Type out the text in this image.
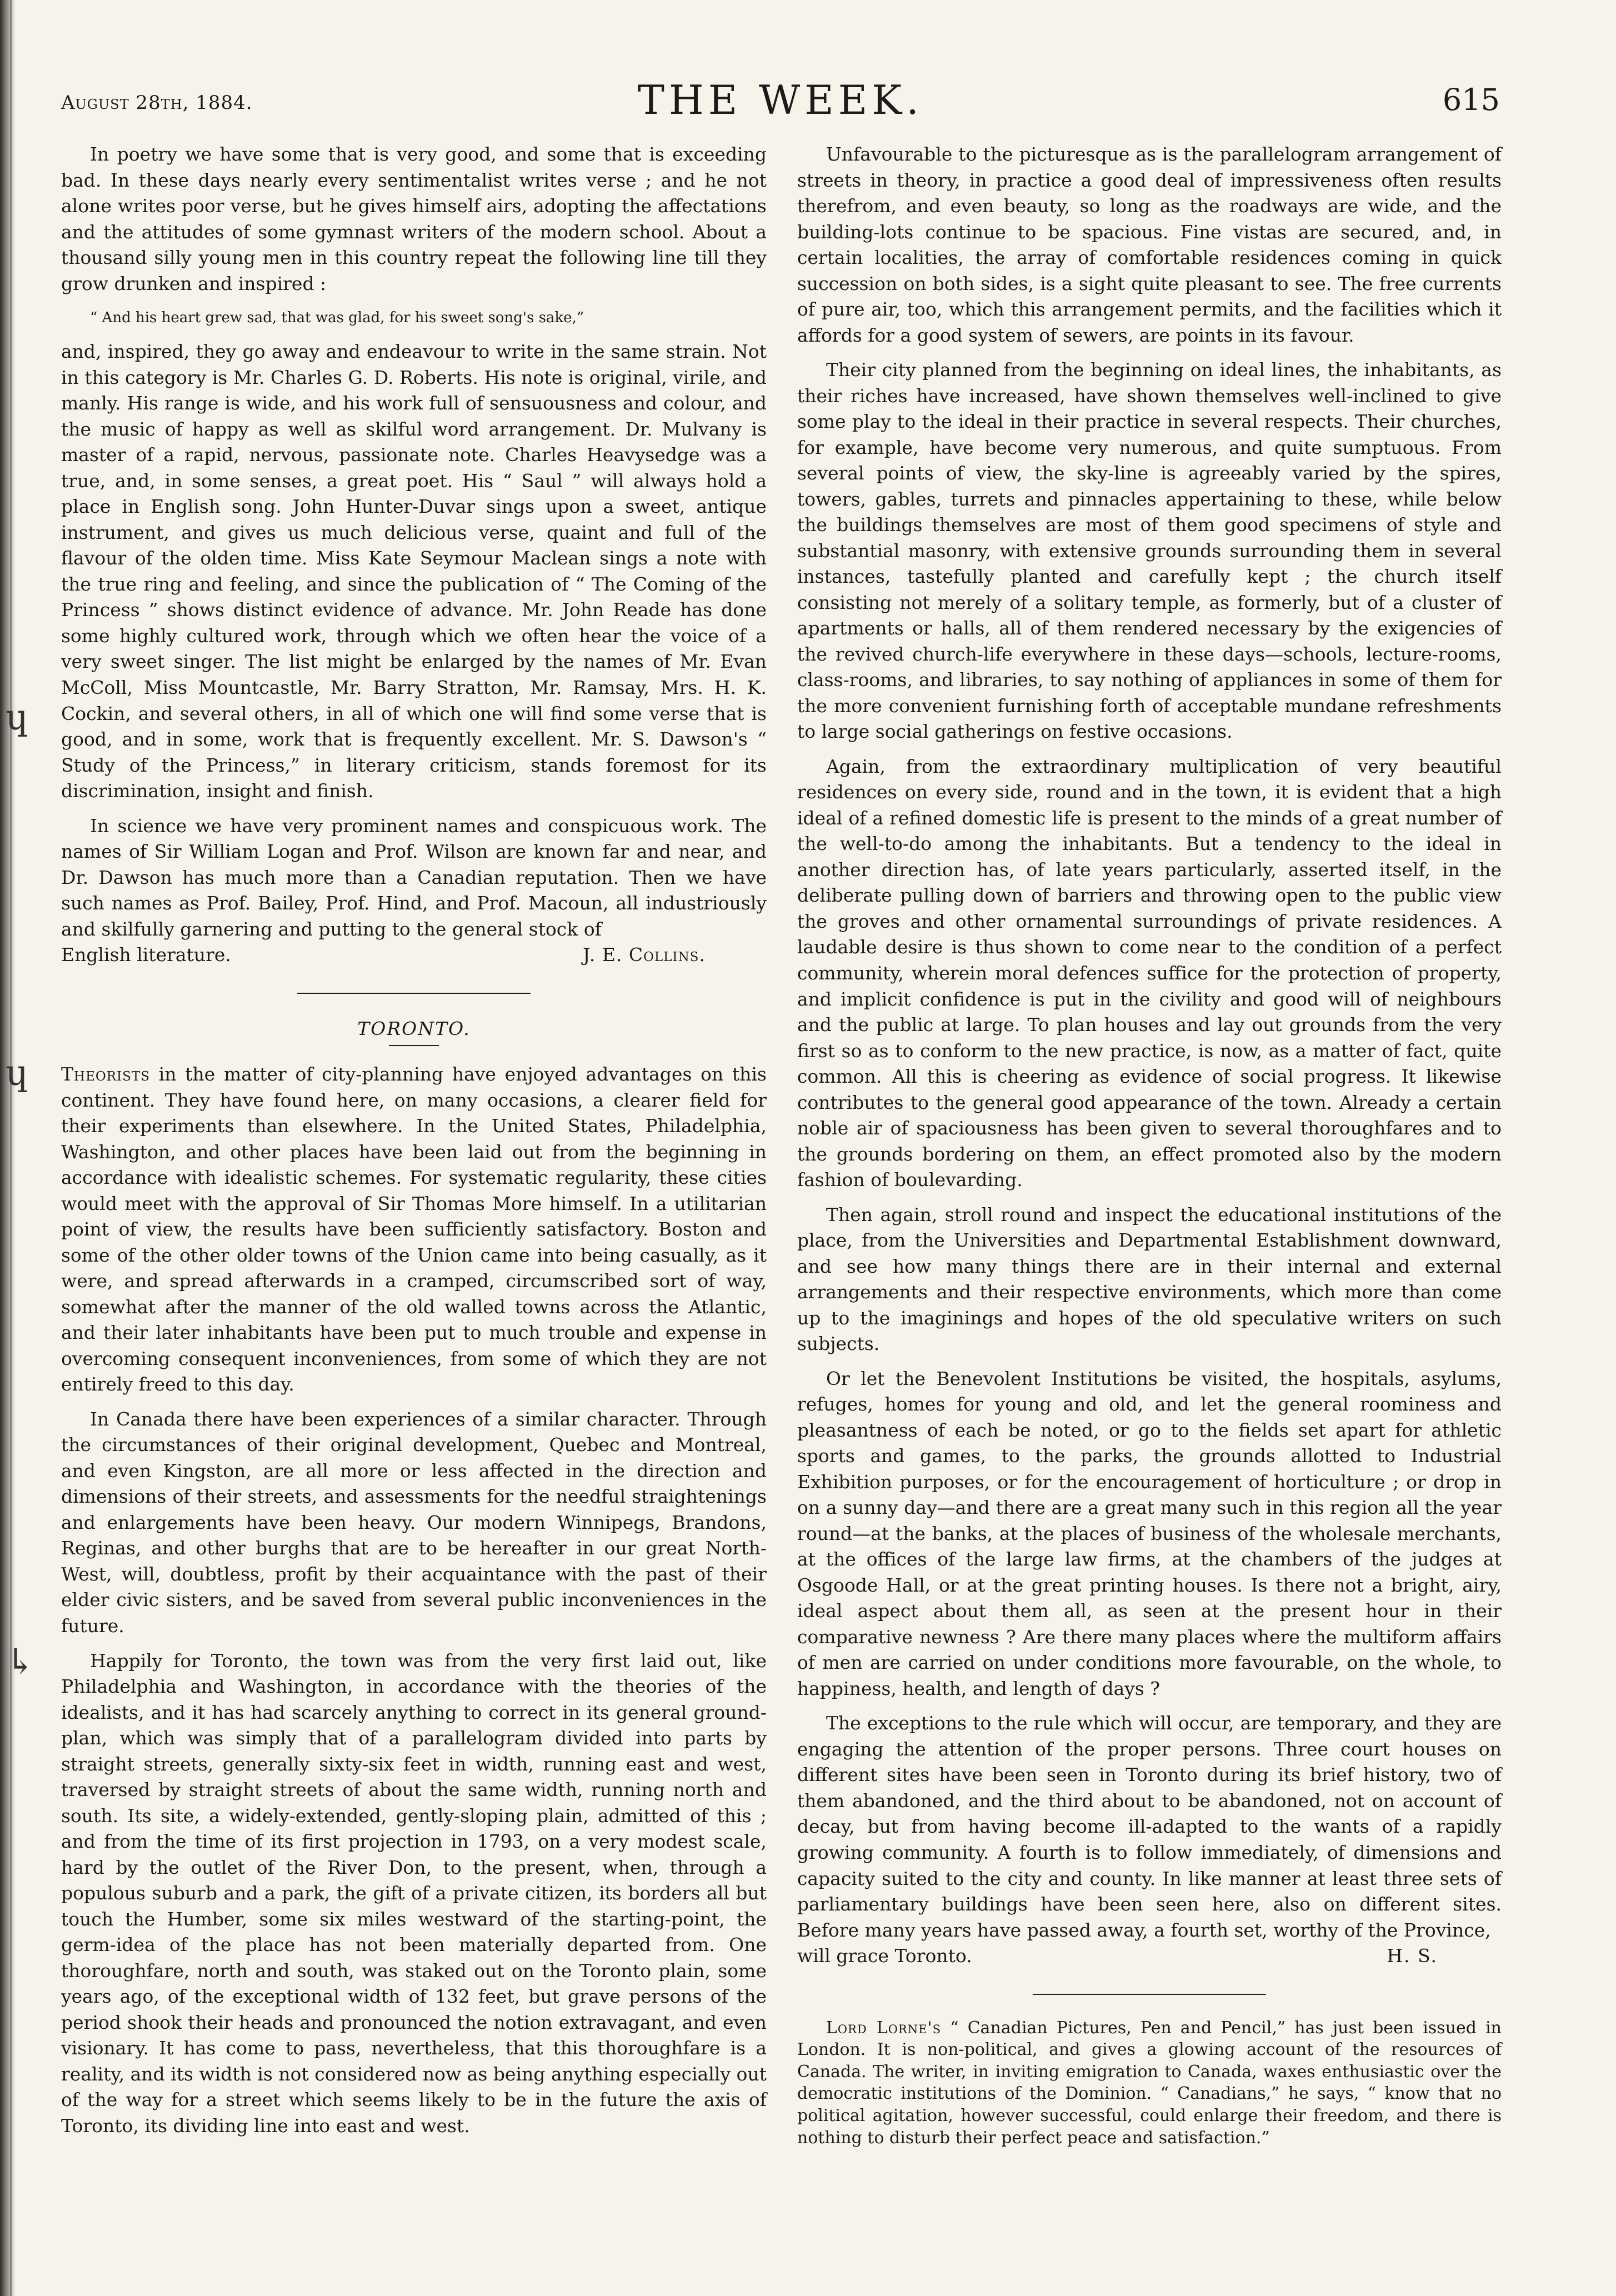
ɥ
ɥ
↳
August 28th, 1884.	THE WEEK.	615

In poetry we have some that is very good, and some that is exceeding bad. In these days nearly every sentimentalist writes verse ; and he not alone writes poor verse, but he gives himself airs, adopting the affectations and the attitudes of some gymnast writers of the modern school. About a thousand silly young men in this country repeat the following line till they grow drunken and inspired :

“ And his heart grew sad, that was glad, for his sweet song's sake,”

and, inspired, they go away and endeavour to write in the same strain. Not in this category is Mr. Charles G. D. Roberts. His note is original, virile, and manly. His range is wide, and his work full of sensuousness and colour, and the music of happy as well as skilful word arrangement. Dr. Mulvany is master of a rapid, nervous, passionate note. Charles Heavysedge was a true, and, in some senses, a great poet. His “ Saul ” will always hold a place in English song. John Hunter-Duvar sings upon a sweet, antique instrument, and gives us much delicious verse, quaint and full of the flavour of the olden time. Miss Kate Seymour Maclean sings a note with the true ring and feeling, and since the publication of “ The Coming of the Princess ” shows distinct evidence of advance. Mr. John Reade has done some highly cultured work, through which we often hear the voice of a very sweet singer. The list might be enlarged by the names of Mr. Evan McColl, Miss Mountcastle, Mr. Barry Stratton, Mr. Ramsay, Mrs. H. K. Cockin, and several others, in all of which one will find some verse that is good, and in some, work that is frequently excellent. Mr. S. Dawson's “ Study of the Princess,” in literary criticism, stands foremost for its discrimination, insight and finish.

In science we have very prominent names and conspicuous work. The names of Sir William Logan and Prof. Wilson are known far and near, and Dr. Dawson has much more than a Canadian reputation. Then we have such names as Prof. Bailey, Prof. Hind, and Prof. Macoun, all industriously and skilfully garnering and putting to the general stock of

English literature.	J. E. Collins.

TORONTO.

Theorists in the matter of city-planning have enjoyed advantages on this continent. They have found here, on many occasions, a clearer field for their experiments than elsewhere. In the United States, Philadelphia, Washington, and other places have been laid out from the beginning in accordance with idealistic schemes. For systematic regularity, these cities would meet with the approval of Sir Thomas More himself. In a utilitarian point of view, the results have been sufficiently satisfactory. Boston and some of the other older towns of the Union came into being casually, as it were, and spread afterwards in a cramped, circumscribed sort of way, somewhat after the manner of the old walled towns across the Atlantic, and their later inhabitants have been put to much trouble and expense in overcoming consequent inconveniences, from some of which they are not entirely freed to this day.

In Canada there have been experiences of a similar character. Through the circumstances of their original development, Quebec and Montreal, and even Kingston, are all more or less affected in the direction and dimensions of their streets, and assessments for the needful straightenings and enlargements have been heavy. Our modern Winnipegs, Brandons, Reginas, and other burghs that are to be hereafter in our great North-West, will, doubtless, profit by their acquaintance with the past of their elder civic sisters, and be saved from several public inconveniences in the future.

Happily for Toronto, the town was from the very first laid out, like Philadelphia and Washington, in accordance with the theories of the idealists, and it has had scarcely anything to correct in its general ground-plan, which was simply that of a parallelogram divided into parts by straight streets, generally sixty-six feet in width, running east and west, traversed by straight streets of about the same width, running north and south. Its site, a widely-extended, gently-sloping plain, admitted of this ; and from the time of its first projection in 1793, on a very modest scale, hard by the outlet of the River Don, to the present, when, through a populous suburb and a park, the gift of a private citizen, its borders all but touch the Humber, some six miles westward of the starting-point, the germ-idea of the place has not been materially departed from. One thoroughfare, north and south, was staked out on the Toronto plain, some years ago, of the exceptional width of 132 feet, but grave persons of the period shook their heads and pronounced the notion extravagant, and even visionary. It has come to pass, nevertheless, that this thoroughfare is a reality, and its width is not considered now as being anything especially out of the way for a street which seems likely to be in the future the axis of Toronto, its dividing line into east and west.

Unfavourable to the picturesque as is the parallelogram arrangement of streets in theory, in practice a good deal of impressiveness often results therefrom, and even beauty, so long as the roadways are wide, and the building-lots continue to be spacious. Fine vistas are secured, and, in certain localities, the array of comfortable residences coming in quick succession on both sides, is a sight quite pleasant to see. The free currents of pure air, too, which this arrangement permits, and the facilities which it affords for a good system of sewers, are points in its favour.

Their city planned from the beginning on ideal lines, the inhabitants, as their riches have increased, have shown themselves well-inclined to give some play to the ideal in their practice in several respects. Their churches, for example, have become very numerous, and quite sumptuous. From several points of view, the sky-line is agreeably varied by the spires, towers, gables, turrets and pinnacles appertaining to these, while below the buildings themselves are most of them good specimens of style and substantial masonry, with extensive grounds surrounding them in several instances, tastefully planted and carefully kept ; the church itself consisting not merely of a solitary temple, as formerly, but of a cluster of apartments or halls, all of them rendered necessary by the exigencies of the revived church-life everywhere in these days—schools, lecture-rooms, class-rooms, and libraries, to say nothing of appliances in some of them for the more convenient furnishing forth of acceptable mundane refreshments to large social gatherings on festive occasions.

Again, from the extraordinary multiplication of very beautiful residences on every side, round and in the town, it is evident that a high ideal of a refined domestic life is present to the minds of a great number of the well-to-do among the inhabitants. But a tendency to the ideal in another direction has, of late years particularly, asserted itself, in the deliberate pulling down of barriers and throwing open to the public view the groves and other ornamental surroundings of private residences. A laudable desire is thus shown to come near to the condition of a perfect community, wherein moral defences suffice for the protection of property, and implicit confidence is put in the civility and good will of neighbours and the public at large. To plan houses and lay out grounds from the very first so as to conform to the new practice, is now, as a matter of fact, quite common. All this is cheering as evidence of social progress. It likewise contributes to the general good appearance of the town. Already a certain noble air of spaciousness has been given to several thoroughfares and to the grounds bordering on them, an effect promoted also by the modern fashion of boulevarding.

Then again, stroll round and inspect the educational institutions of the place, from the Universities and Departmental Establishment downward, and see how many things there are in their internal and external arrangements and their respective environments, which more than come up to the imaginings and hopes of the old speculative writers on such subjects.

Or let the Benevolent Institutions be visited, the hospitals, asylums, refuges, homes for young and old, and let the general roominess and pleasantness of each be noted, or go to the fields set apart for athletic sports and games, to the parks, the grounds allotted to Industrial Exhibition purposes, or for the encouragement of horticulture ; or drop in on a sunny day—and there are a great many such in this region all the year round—at the banks, at the places of business of the wholesale merchants, at the offices of the large law firms, at the chambers of the judges at Osgoode Hall, or at the great printing houses. Is there not a bright, airy, ideal aspect about them all, as seen at the present hour in their comparative newness ? Are there many places where the multiform affairs of men are carried on under conditions more favourable, on the whole, to happiness, health, and length of days ?

The exceptions to the rule which will occur, are temporary, and they are engaging the attention of the proper persons. Three court houses on different sites have been seen in Toronto during its brief history, two of them abandoned, and the third about to be abandoned, not on account of decay, but from having become ill-adapted to the wants of a rapidly growing community. A fourth is to follow immediately, of dimensions and capacity suited to the city and county. In like manner at least three sets of parliamentary buildings have been seen here, also on different sites. Before many years have passed away, a fourth set, worthy of the Province,

will grace Toronto.	H. S.

Lord Lorne's “ Canadian Pictures, Pen and Pencil,” has just been issued in London. It is non-political, and gives a glowing account of the resources of Canada. The writer, in inviting emigration to Canada, waxes enthusiastic over the democratic institutions of the Dominion. “ Canadians,” he says, “ know that no political agitation, however successful, could enlarge their freedom, and there is nothing to disturb their perfect peace and satisfaction.”
